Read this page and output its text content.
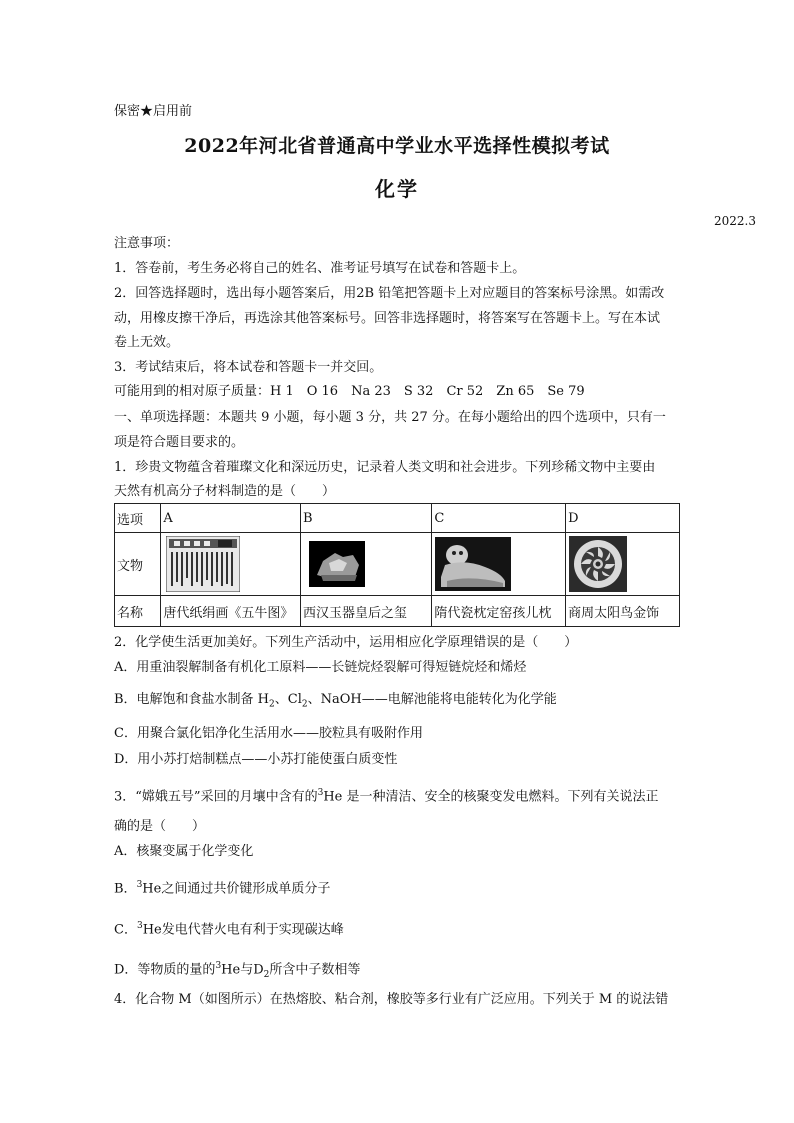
保密★启用前
2022年河北省普通高中学业水平选择性模拟考试
化学
2022.3
注意事项：
1．答卷前，考生务必将自己的姓名、准考证号填写在试卷和答题卡上。
2．回答选择题时，选出每小题答案后，用2B 铅笔把答题卡上对应题目的答案标号涂黑。如需改
动，用橡皮擦干净后，再选涂其他答案标号。回答非选择题时，将答案写在答题卡上。写在本试
卷上无效。
3．考试结束后，将本试卷和答题卡一并交回。
可能用到的相对原子质量：H 1　O 16　Na 23　S 32　Cr 52　Zn 65　Se 79
一、单项选择题：本题共 9 小题，每小题 3 分，共 27 分。在每小题给出的四个选项中，只有一
项是符合题目要求的。
1．珍贵文物蕴含着璀璨文化和深远历史，记录着人类文明和社会进步。下列珍稀文物中主要由
天然有机高分子材料制造的是（　　）
选项	A	B	C	D
文物	

名称	唐代纸绢画《五牛图》	西汉玉器皇后之玺	隋代瓷枕定窑孩儿枕	商周太阳鸟金饰
2．化学使生活更加美好。下列生产活动中，运用相应化学原理错误的是（　　）
A．用重油裂解制备有机化工原料——长链烷烃裂解可得短链烷烃和烯烃
B．电解饱和食盐水制备 $H_2$、$Cl_2$、NaOH——电解池能将电能转化为化学能
C．用聚合氯化铝净化生活用水——胶粒具有吸附作用
D．用小苏打焙制糕点——小苏打能使蛋白质变性
3．“嫦娥五号”采回的月壤中含有的$^3$He 是一种清洁、安全的核聚变发电燃料。下列有关说法正
确的是（　　）
A．核聚变属于化学变化
B．$^3$He之间通过共价键形成单质分子
C．$^3$He发电代替火电有利于实现碳达峰
D．等物质的量的$^3$He与$D_2$所含中子数相等
4．化合物 M（如图所示）在热熔胶、粘合剂，橡胶等多行业有广泛应用。下列关于 M 的说法错
